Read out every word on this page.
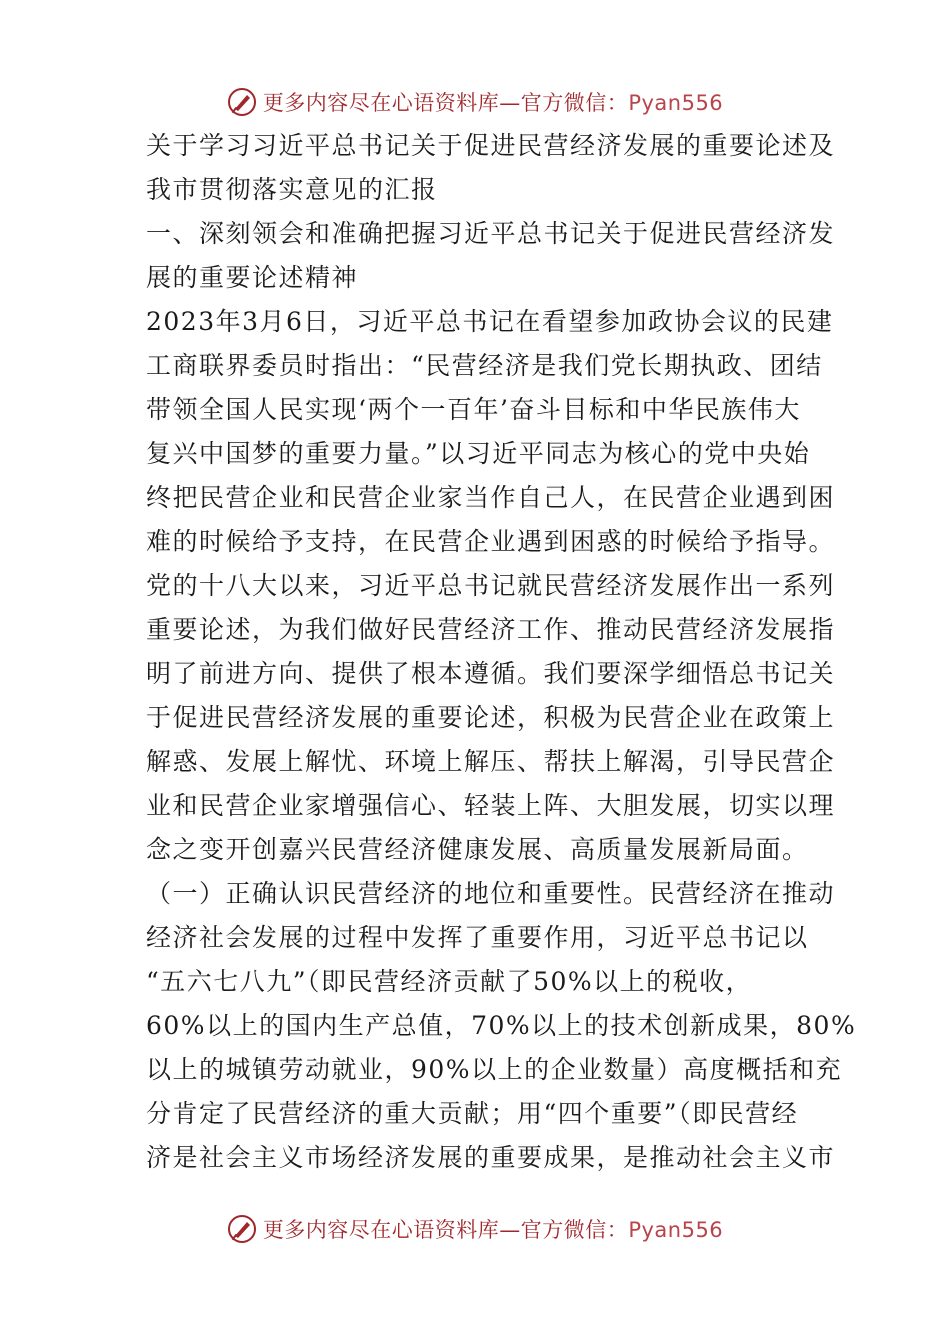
更多内容尽在心语资料库—官方微信：Pyan556
关于学习习近平总书记关于促进民营经济发展的重要论述及
我市贯彻落实意见的汇报
一、深刻领会和准确把握习近平总书记关于促进民营经济发
展的重要论述精神
2023年3月6日，习近平总书记在看望参加政协会议的民建
工商联界委员时指出：“民营经济是我们党长期执政、团结
带领全国人民实现‘两个一百年’奋斗目标和中华民族伟大
复兴中国梦的重要力量。”以习近平同志为核心的党中央始
终把民营企业和民营企业家当作自己人，在民营企业遇到困
难的时候给予支持，在民营企业遇到困惑的时候给予指导。
党的十八大以来，习近平总书记就民营经济发展作出一系列
重要论述，为我们做好民营经济工作、推动民营经济发展指
明了前进方向、提供了根本遵循。我们要深学细悟总书记关
于促进民营经济发展的重要论述，积极为民营企业在政策上
解惑、发展上解忧、环境上解压、帮扶上解渴，引导民营企
业和民营企业家增强信心、轻装上阵、大胆发展，切实以理
念之变开创嘉兴民营经济健康发展、高质量发展新局面。
（一）正确认识民营经济的地位和重要性。民营经济在推动
经济社会发展的过程中发挥了重要作用，习近平总书记以
“五六七八九”（即民营经济贡献了50%以上的税收，
60%以上的国内生产总值，70%以上的技术创新成果，80%
以上的城镇劳动就业，90%以上的企业数量）高度概括和充
分肯定了民营经济的重大贡献；用“四个重要”（即民营经
济是社会主义市场经济发展的重要成果，是推动社会主义市
更多内容尽在心语资料库—官方微信：Pyan556
